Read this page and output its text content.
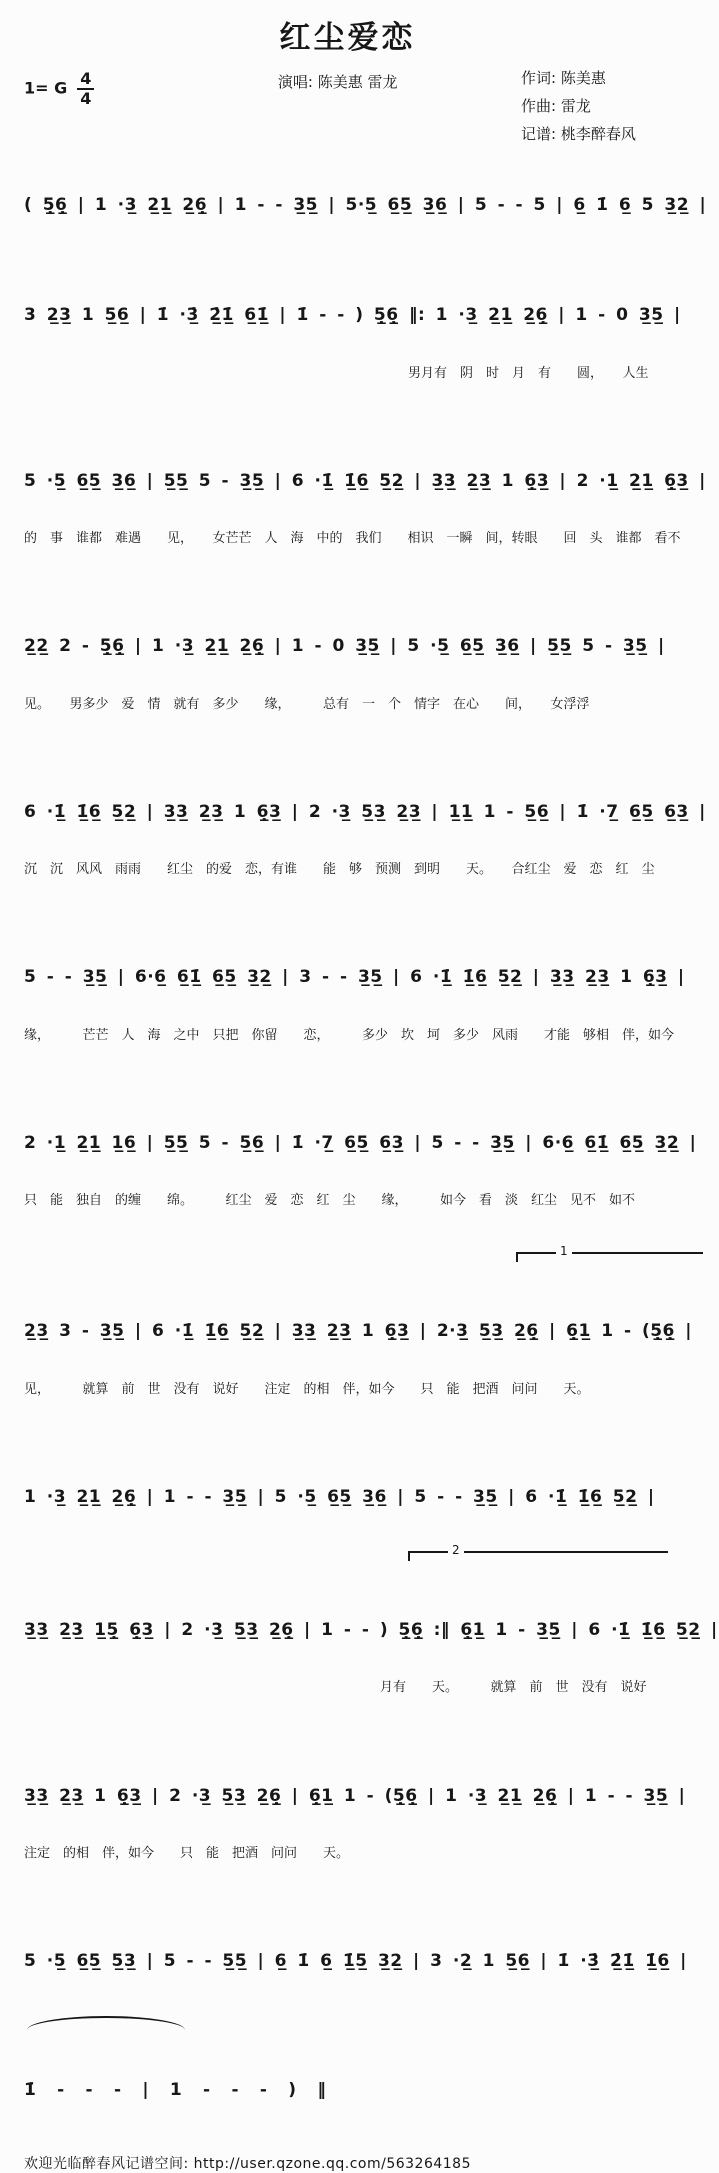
红尘爱恋
1= G $\frac{4}{4}$	演唱: 陈美惠 雷龙	作词: 陈美惠
作曲: 雷龙
记谱: 桃李醉春风

( 5̲̣6̲̣ | 1 ·3̲ 2̲1̲ 2̲6̲̣ | 1 - - 3̲5̲ | 5·5̲ 6̲5̲ 3̲6̲ | 5 - - 5 | 6̲ 1̇ 6̲ 5 3̲2̲ |

3 2̲3̲ 1 5̲6̲ | 1̇ ·3̲̇ 2̲̇1̲̇ 6̲1̲̇ | 1̇ - - ) 5̲̣6̲̣ ‖: 1 ·3̲ 2̲1̲ 2̲6̲̣ | 1 - 0 3̲5̲ |

男月有　阴　时　月　有　　圆，　　人生

5 ·5̲ 6̲5̲ 3̲6̲ | 5̲5̲ 5 - 3̲5̲ | 6 ·1̲̇ 1̲̇6̲ 5̲2̲ | 3̲3̲ 2̲3̲ 1 6̲̣3̲ | 2 ·1̲ 2̲1̲ 6̲̣3̲ |

的　事　谁都　难遇　　见，　　女芒芒　人　海　中的　我们　　相识　一瞬　间，转眼　　回　头　谁都　看不

2̲2̲ 2 - 5̲̣6̲̣ | 1 ·3̲ 2̲1̲ 2̲6̲̣ | 1 - 0 3̲5̲ | 5 ·5̲ 6̲5̲ 3̲6̲ | 5̲5̲ 5 - 3̲5̲ |

见。　　男多少　爱　情　就有　多少　　缘，　　　总有　一　个　情字　在心　　间，　　女浮浮

6 ·1̲̇ 1̲̇6̲ 5̲2̲ | 3̲3̲ 2̲3̲ 1 6̲̣3̲ | 2 ·3̲ 5̲3̲ 2̲3̲ | 1̲1̲ 1 - 5̲6̲ | 1̇ ·7̲ 6̲5̲ 6̲3̲ |

沉　沉　风风　雨雨　　红尘　的爱　恋，有谁　　能　够　预测　到明　　天。　　合红尘　爱　恋　红　尘

5 - - 3̲5̲ | 6·6̲ 6̲1̲̇ 6̲5̲ 3̲2̲ | 3 - - 3̲5̲ | 6 ·1̲̇ 1̲̇6̲ 5̲2̲ | 3̲3̲ 2̲3̲ 1 6̲̣3̲ |

缘，　　　芒芒　人　海　之中　只把　你留　　恋，　　　多少　坎　坷　多少　风雨　　才能　够相　伴，如今

2 ·1̲ 2̲1̲ 1̲6̲ | 5̲5̲ 5 - 5̲6̲ | 1̇ ·7̲ 6̲5̲ 6̲3̲ | 5 - - 3̲5̲ | 6·6̲ 6̲1̲̇ 6̲5̲ 3̲2̲ |

只　能　独自　的缠　　绵。　　　红尘　爱　恋　红　尘　　缘，　　　如今　看　淡　红尘　见不　如不

1

2̲3̲ 3 - 3̲5̲ | 6 ·1̲̇ 1̲̇6̲ 5̲2̲ | 3̲3̲ 2̲3̲ 1 6̲̣3̲ | 2·3̲ 5̲3̲ 2̲6̲̣ | 6̲̣1̲ 1 - (5̲̣6̲̣ |

见，　　　就算　前　世　没有　说好　　注定　的相　伴，如今　　只　能　把酒　问问　　天。

1 ·3̲ 2̲1̲ 2̲6̲̣ | 1 - - 3̲5̲ | 5 ·5̲ 6̲5̲ 3̲6̲ | 5 - - 3̲5̲ | 6 ·1̲̇ 1̲̇6̲ 5̲2̲ |

2

3̲3̲ 2̲3̲ 1̲5̲̣ 6̲̣3̲ | 2 ·3̲ 5̲3̲ 2̲6̲̣ | 1 - - ) 5̲̣6̲̣ :‖ 6̲̣1̲ 1 - 3̲5̲ | 6 ·1̲̇ 1̲̇6̲ 5̲2̲ |

月有　　天。　　　就算　前　世　没有　说好

3̲3̲ 2̲3̲ 1 6̲̣3̲ | 2 ·3̲ 5̲3̲ 2̲6̲̣ | 6̲̣1̲ 1 - (5̲̣6̲̣ | 1 ·3̲ 2̲1̲ 2̲6̲̣ | 1 - - 3̲5̲ |

注定　的相　伴，如今　　只　能　把酒　问问　　天。

5 ·5̲ 6̲5̲ 5̲3̲ | 5 - - 5̲5̲ | 6̲ 1̇ 6̲ 1̲̇5̲ 3̲2̲ | 3 ·2̲ 1 5̲6̲ | 1̇ ·3̲̇ 2̲̇1̲̇ 1̲̇6̲ |

1̇  -  -  -  |  1  -  -  -  )  ‖

欢迎光临醉春风记谱空间: http://user.qzone.qq.com/563264185
